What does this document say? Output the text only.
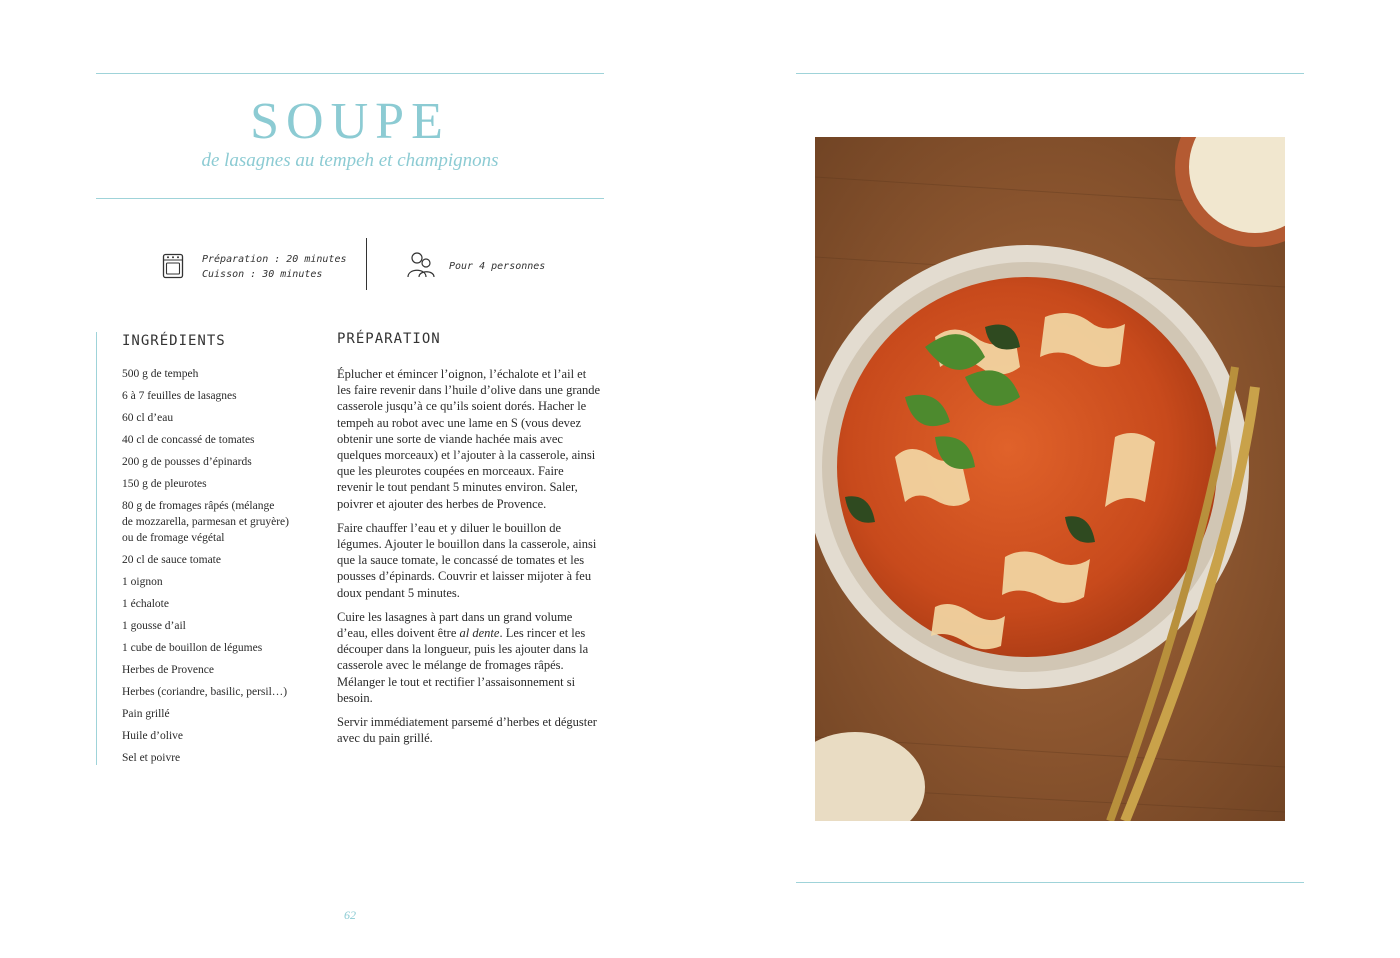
SOUPE
de lasagnes au tempeh et champignons
Préparation : 20 minutes
Cuisson : 30 minutes
Pour 4 personnes
INGRÉDIENTS
500 g de tempeh
6 à 7 feuilles de lasagnes
60 cl d’eau
40 cl de concassé de tomates
200 g de pousses d’épinards
150 g de pleurotes
80 g de fromages râpés (mélange
de mozzarella, parmesan et gruyère)
ou de fromage végétal
20 cl de sauce tomate
1 oignon
1 échalote
1 gousse d’ail
1 cube de bouillon de légumes
Herbes de Provence
Herbes (coriandre, basilic, persil…)
Pain grillé
Huile d’olive
Sel et poivre
PRÉPARATION

Éplucher et émincer l’oignon, l’échalote et l’ail et les faire revenir dans l’huile d’olive dans une grande casserole jusqu’à ce qu’ils soient dorés. Hacher le tempeh au robot avec une lame en S (vous devez obtenir une sorte de viande hachée mais avec quelques morceaux) et l’ajouter à la casserole, ainsi que les pleurotes coupées en morceaux. Faire revenir le tout pendant 5 minutes environ. Saler, poivrer et ajouter des herbes de Provence.

Faire chauffer l’eau et y diluer le bouillon de légumes. Ajouter le bouillon dans la casserole, ainsi que la sauce tomate, le concassé de tomates et les pousses d’épinards. Couvrir et laisser mijoter à feu doux pendant 5 minutes.

Cuire les lasagnes à part dans un grand volume d’eau, elles doivent être al dente. Les rincer et les découper dans la longueur, puis les ajouter dans la casserole avec le mélange de fromages râpés. Mélanger le tout et rectifier l’assaisonnement si besoin.

Servir immédiatement parsemé d’herbes et déguster avec du pain grillé.

62
